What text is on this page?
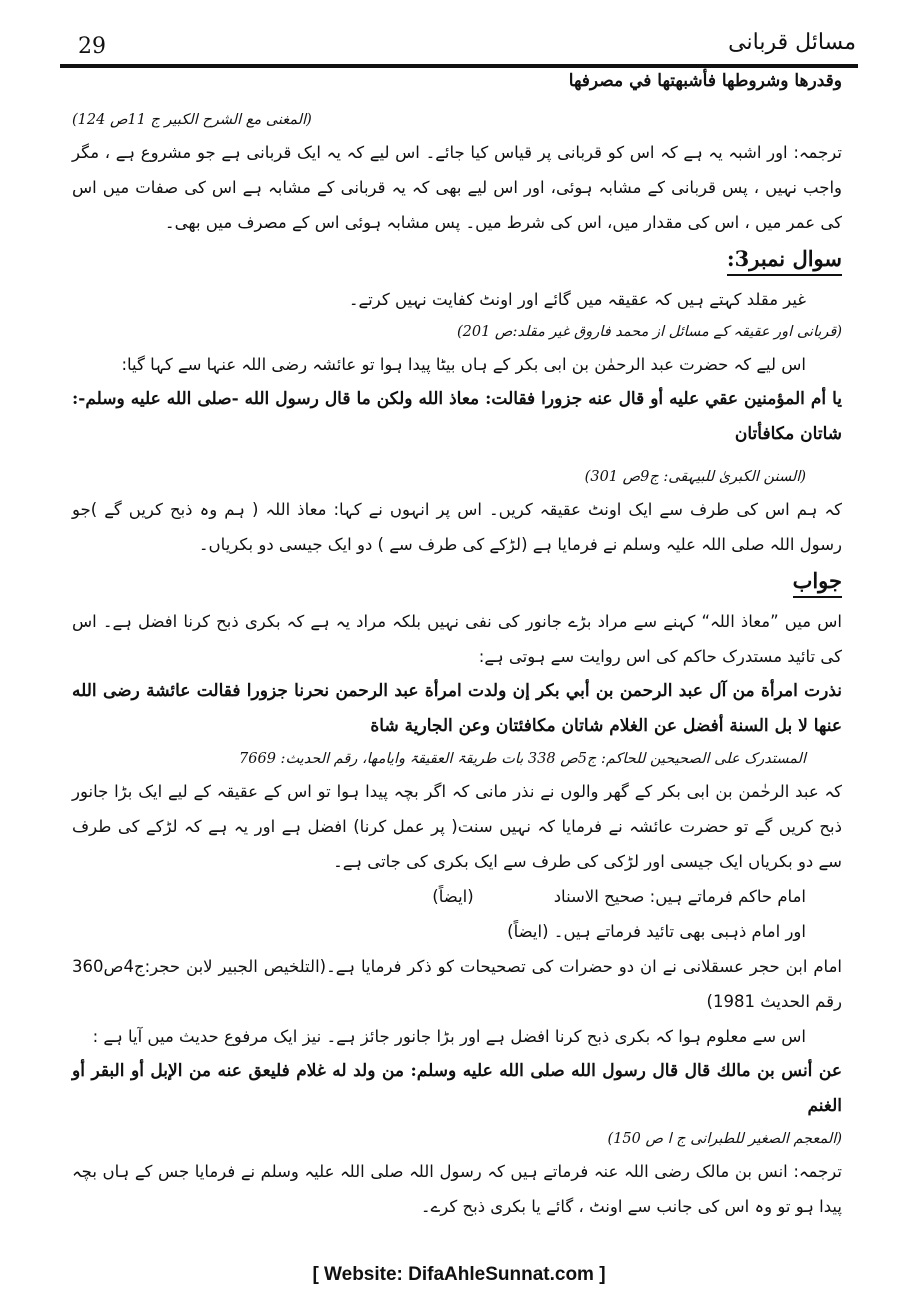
29	مسائل قربانی

وقدرها وشروطها فأشبهتها في مصرفها

(المغنی مع الشرح الکبیر ج 11ص 124)

ترجمہ: اور اشبہ یہ ہے کہ اس کو قربانی پر قیاس کیا جائے۔ اس لیے کہ یہ ایک قربانی ہے جو مشروع ہے ، مگر واجب نہیں ، پس قربانی کے مشابہ ہوئی، اور اس لیے بھی کہ یہ قربانی کے مشابہ ہے اس کی صفات میں اس کی عمر میں ، اس کی مقدار میں، اس کی شرط میں۔ پس مشابہ ہوئی اس کے مصرف میں بھی۔

سوال نمبر3:

غیر مقلد کہتے ہیں کہ عقیقہ میں گائے اور اونٹ کفایت نہیں کرتے۔

(قربانی اور عقیقہ کے مسائل از محمد فاروق غیر مقلد:ص 201)

اس لیے کہ حضرت عبد الرحمٰن بن ابی بکر کے ہاں بیٹا پیدا ہوا تو عائشہ رضی اللہ عنہا سے کہا گیا:

يا أم المؤمنين عقي عليه أو قال عنه جزورا فقالت: معاذ الله ولكن ما قال رسول الله -صلی الله عليه وسلم-: شاتان مكافأتان

(السنن الکبریٰ للبیہقی: ج9ص 301)

کہ ہم اس کی طرف سے ایک اونٹ عقیقہ کریں۔ اس پر انہوں نے کہا: معاذ اللہ ( ہم وہ ذبح کریں گے )جو رسول اللہ صلی اللہ علیہ وسلم نے فرمایا ہے (لڑکے کی طرف سے ) دو ایک جیسی دو بکریاں۔

جواب

اس میں ”معاذ اللہ“ کہنے سے مراد بڑے جانور کی نفی نہیں بلکہ مراد یہ ہے کہ بکری ذبح کرنا افضل ہے۔ اس کی تائید مستدرک حاکم کی اس روایت سے ہوتی ہے:

نذرت امرأة من آل عبد الرحمن بن أبي بكر إن ولدت امرأة عبد الرحمن نحرنا جزورا فقالت عائشة رضی الله عنها لا بل السنة أفضل عن الغلام شاتان مكافئتان وعن الجارية شاة

المستدرک علی الصحیحین للحاکم: ج5ص 338 بات طریقۃ العقیقۃ وایامھا، رقم الحدیث: 7669

کہ عبد الرحٰمن بن ابی بکر کے گھر والوں نے نذر مانی کہ اگر بچہ پیدا ہوا تو اس کے عقیقہ کے لیے ایک بڑا جانور ذبح کریں گے تو حضرت عائشہ نے فرمایا کہ نہیں سنت( پر عمل کرنا) افضل ہے اور یہ ہے کہ لڑکے کی طرف سے دو بکریاں ایک جیسی اور لڑکی کی طرف سے ایک بکری کی جاتی ہے۔

امام حاکم فرماتے ہیں: صحیح الاسناد(ایضاً)

اور امام ذہبی بھی تائید فرماتے ہیں۔ (ایضاً)

امام ابن حجر عسقلانی نے ان دو حضرات کی تصحیحات کو ذکر فرمایا ہے۔(التلخیص الجبیر لابن حجر:ج4ص360 رقم الحدیث 1981)

اس سے معلوم ہوا کہ بکری ذبح کرنا افضل ہے اور بڑا جانور جائز ہے۔ نیز ایک مرفوع حدیث میں آیا ہے :

عن أنس بن مالك قال قال رسول الله صلی الله عليه وسلم: من ولد له غلام فليعق عنه من الإبل أو البقر أو الغنم

(المعجم الصغیر للطبرانی ج ا ص 150)

ترجمہ: انس بن مالک رضی اللہ عنہ فرماتے ہیں کہ رسول اللہ صلی اللہ علیہ وسلم نے فرمایا جس کے ہاں بچہ پیدا ہو تو وہ اس کی جانب سے اونٹ ، گائے یا بکری ذبح کرے۔

[ Website: DifaAhleSunnat.com ]
